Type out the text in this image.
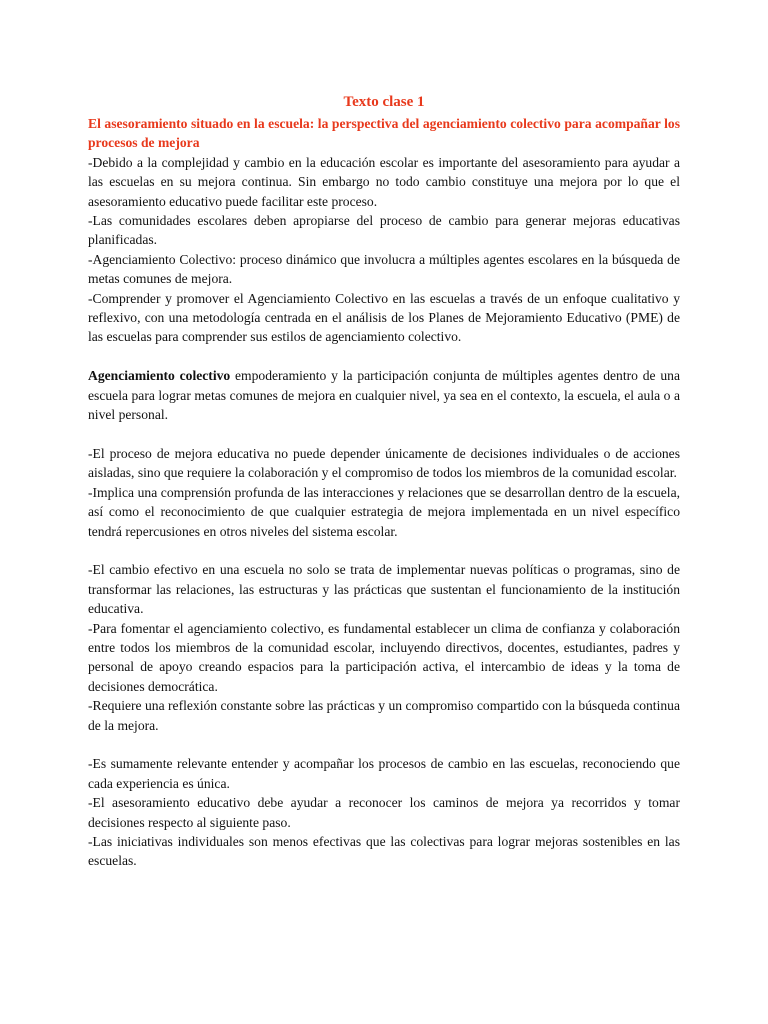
Texto clase 1
El asesoramiento situado en la escuela: la perspectiva del agenciamiento colectivo para acompañar los procesos de mejora

-Debido a la complejidad y cambio en la educación escolar es importante del asesoramiento para ayudar a las escuelas en su mejora continua. Sin embargo no todo cambio constituye una mejora por lo que el asesoramiento educativo puede facilitar este proceso.

-Las comunidades escolares deben apropiarse del proceso de cambio para generar mejoras educativas planificadas.

-Agenciamiento Colectivo: proceso dinámico que involucra a múltiples agentes escolares en la búsqueda de metas comunes de mejora.

-Comprender y promover el Agenciamiento Colectivo en las escuelas a través de un enfoque cualitativo y reflexivo, con una metodología centrada en el análisis de los Planes de Mejoramiento Educativo (PME) de las escuelas para comprender sus estilos de agenciamiento colectivo.

Agenciamiento colectivo empoderamiento y la participación conjunta de múltiples agentes dentro de una escuela para lograr metas comunes de mejora en cualquier nivel, ya sea en el contexto, la escuela, el aula o a nivel personal.

-El proceso de mejora educativa no puede depender únicamente de decisiones individuales o de acciones aisladas, sino que requiere la colaboración y el compromiso de todos los miembros de la comunidad escolar.

-Implica una comprensión profunda de las interacciones y relaciones que se desarrollan dentro de la escuela, así como el reconocimiento de que cualquier estrategia de mejora implementada en un nivel específico tendrá repercusiones en otros niveles del sistema escolar.

-El cambio efectivo en una escuela no solo se trata de implementar nuevas políticas o programas, sino de transformar las relaciones, las estructuras y las prácticas que sustentan el funcionamiento de la institución educativa.

-Para fomentar el agenciamiento colectivo, es fundamental establecer un clima de confianza y colaboración entre todos los miembros de la comunidad escolar, incluyendo directivos, docentes, estudiantes, padres y personal de apoyo creando espacios para la participación activa, el intercambio de ideas y la toma de decisiones democrática.

-Requiere una reflexión constante sobre las prácticas y un compromiso compartido con la búsqueda continua de la mejora.

-Es sumamente relevante entender y acompañar los procesos de cambio en las escuelas, reconociendo que cada experiencia es única.

-El asesoramiento educativo debe ayudar a reconocer los caminos de mejora ya recorridos y tomar decisiones respecto al siguiente paso.

-Las iniciativas individuales son menos efectivas que las colectivas para lograr mejoras sostenibles en las escuelas.
